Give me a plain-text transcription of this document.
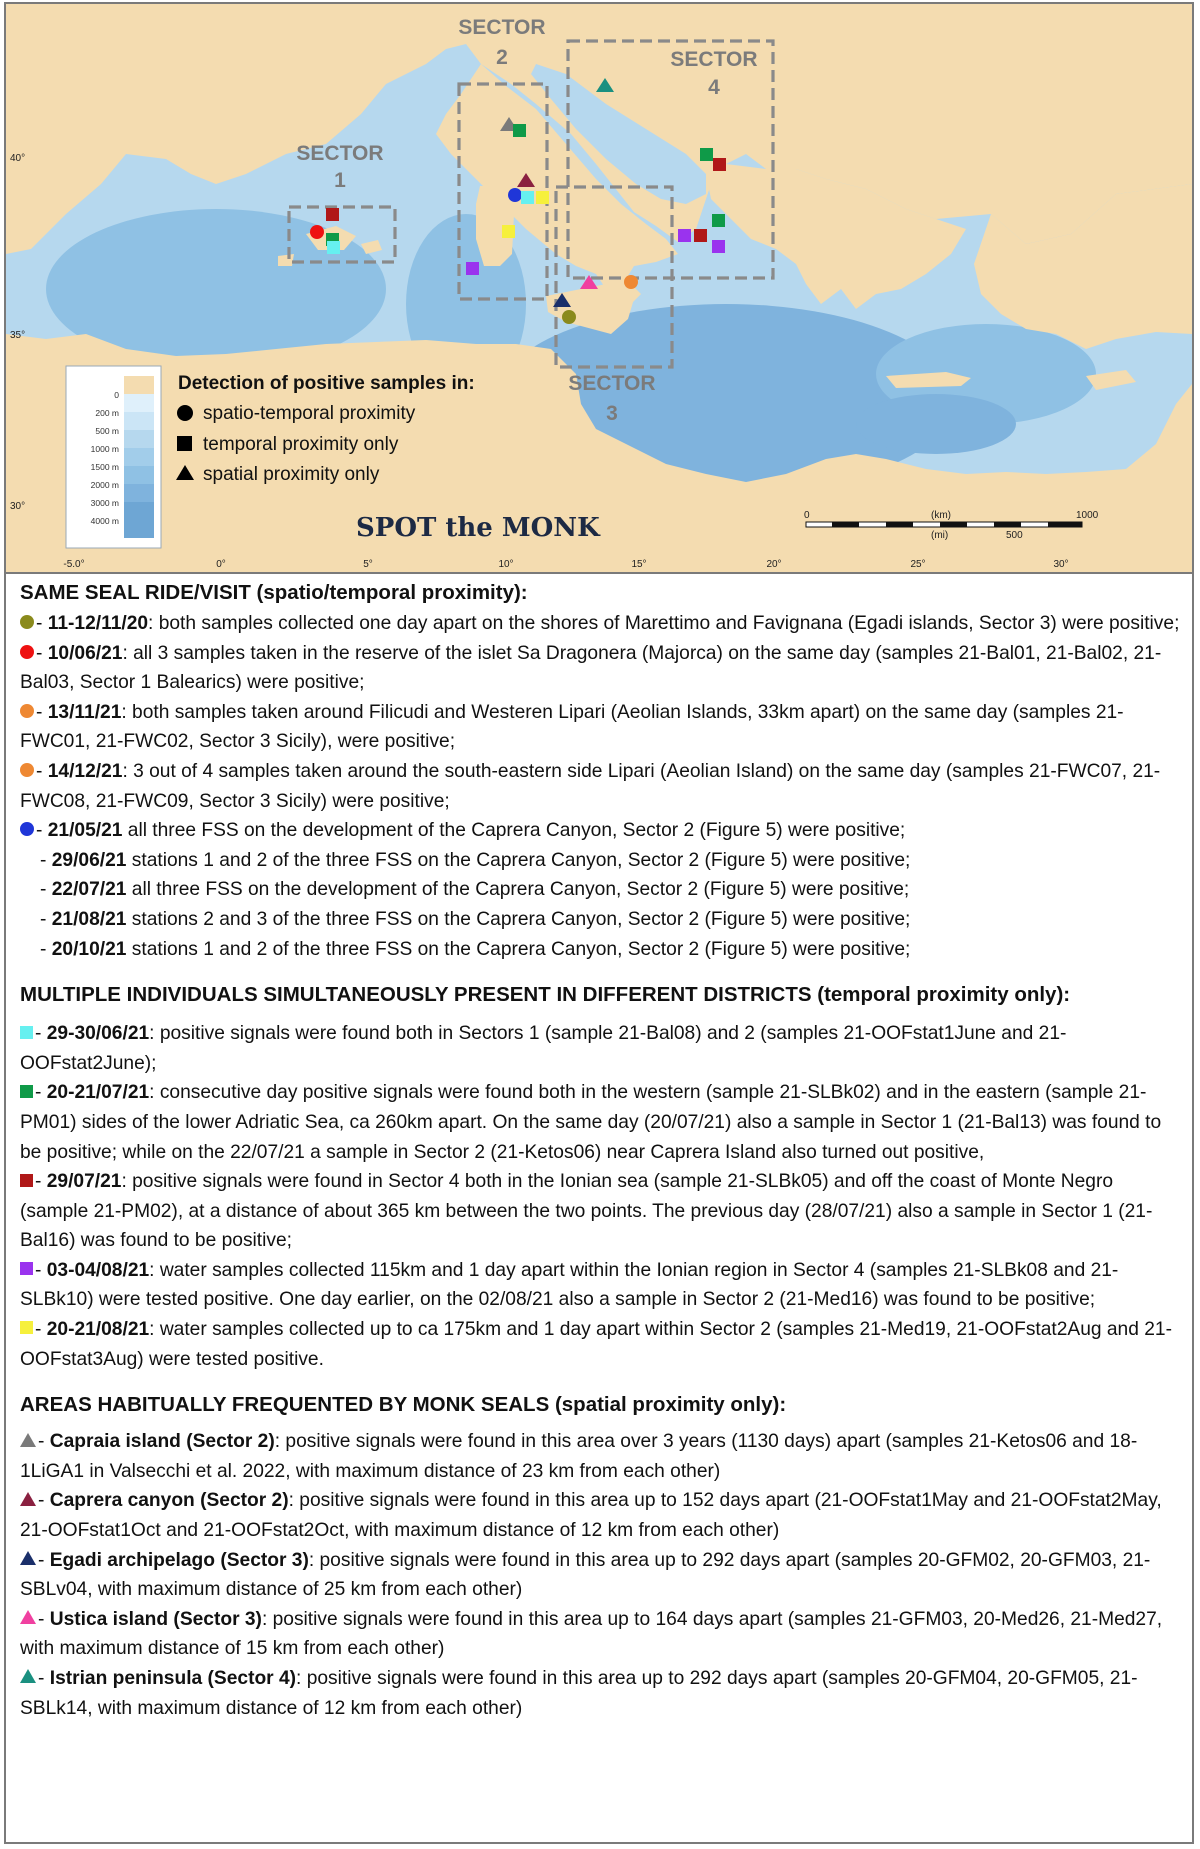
SECTOR
1
SECTOR
2
SECTOR
3
SECTOR
4
40°
35°
30°
-5.0°	0°	5°	10°	15°	20°	25°	30°
0
200 m
500 m
1000 m
1500 m
2000 m
3000 m
4000 m
Detection of positive samples in:
spatio-temporal proximity
temporal proximity only
spatial proximity only
SPOT the MONK	0	(km)	1000
(mi)	500
SAME SEAL RIDE/VISIT (spatio/temporal proximity):
- 11-12/11/20: both samples collected one day apart on the shores of Marettimo and Favignana (Egadi islands, Sector 3) were positive;
- 10/06/21: all 3 samples taken in the reserve of the islet Sa Dragonera (Majorca) on the same day (samples 21-Bal01, 21-Bal02, 21-Bal03, Sector 1 Balearics) were positive;
- 13/11/21: both samples taken around Filicudi and Westeren Lipari (Aeolian Islands, 33km apart) on the same day (samples 21-FWC01, 21-FWC02, Sector 3 Sicily), were positive;
- 14/12/21: 3 out of 4 samples taken around the south-eastern side Lipari (Aeolian Island) on the same day (samples 21-FWC07, 21-FWC08, 21-FWC09, Sector 3 Sicily) were positive;
- 21/05/21 all three FSS on the development of the Caprera Canyon, Sector 2 (Figure 5) were positive;
- 29/06/21 stations 1 and 2 of the three FSS on the Caprera Canyon, Sector 2 (Figure 5) were positive;
- 22/07/21 all three FSS on the development of the Caprera Canyon, Sector 2 (Figure 5) were positive;
- 21/08/21 stations 2 and 3 of the three FSS on the Caprera Canyon, Sector 2 (Figure 5) were positive;
- 20/10/21 stations 1 and 2 of the three FSS on the Caprera Canyon, Sector 2 (Figure 5) were positive;
MULTIPLE INDIVIDUALS SIMULTANEOUSLY PRESENT IN DIFFERENT DISTRICTS (temporal proximity only):
- 29-30/06/21: positive signals were found both in Sectors 1 (sample 21-Bal08) and 2 (samples 21-OOFstat1June and 21-OOFstat2June);
- 20-21/07/21: consecutive day positive signals were found both in the western (sample 21-SLBk02) and in the eastern (sample 21-PM01) sides of the lower Adriatic Sea, ca 260km apart. On the same day (20/07/21) also a sample in Sector 1 (21-Bal13) was found to be positive; while on the 22/07/21 a sample in Sector 2 (21-Ketos06) near Caprera Island also turned out positive,
- 29/07/21: positive signals were found in Sector 4 both in the Ionian sea (sample 21-SLBk05) and off the coast of Monte Negro (sample 21-PM02), at a distance of about 365 km between the two points. The previous day (28/07/21) also a sample in Sector 1 (21-Bal16) was found to be positive;
- 03-04/08/21: water samples collected 115km and 1 day apart within the Ionian region in Sector 4 (samples 21-SLBk08 and 21-SLBk10) were tested positive. One day earlier, on the 02/08/21 also a sample in Sector 2 (21-Med16) was found to be positive;
- 20-21/08/21: water samples collected up to ca 175km and 1 day apart within Sector 2 (samples 21-Med19, 21-OOFstat2Aug and 21-OOFstat3Aug) were tested positive.
AREAS HABITUALLY FREQUENTED BY MONK SEALS (spatial proximity only):
- Capraia island (Sector 2): positive signals were found in this area over 3 years (1130 days) apart (samples 21-Ketos06 and 18-1LiGA1 in Valsecchi et al. 2022, with maximum distance of 23 km from each other)
- Caprera canyon (Sector 2): positive signals were found in this area up to 152 days apart (21-OOFstat1May and 21-OOFstat2May, 21-OOFstat1Oct and 21-OOFstat2Oct, with maximum distance of 12 km from each other)
- Egadi archipelago (Sector 3): positive signals were found in this area up to 292 days apart (samples 20-GFM02, 20-GFM03, 21-SBLv04, with maximum distance of 25 km from each other)
- Ustica island (Sector 3): positive signals were found in this area up to 164 days apart (samples 21-GFM03, 20-Med26, 21-Med27, with maximum distance of 15 km from each other)
- Istrian peninsula (Sector 4): positive signals were found in this area up to 292 days apart (samples 20-GFM04, 20-GFM05, 21-SBLk14, with maximum distance of 12 km from each other)
